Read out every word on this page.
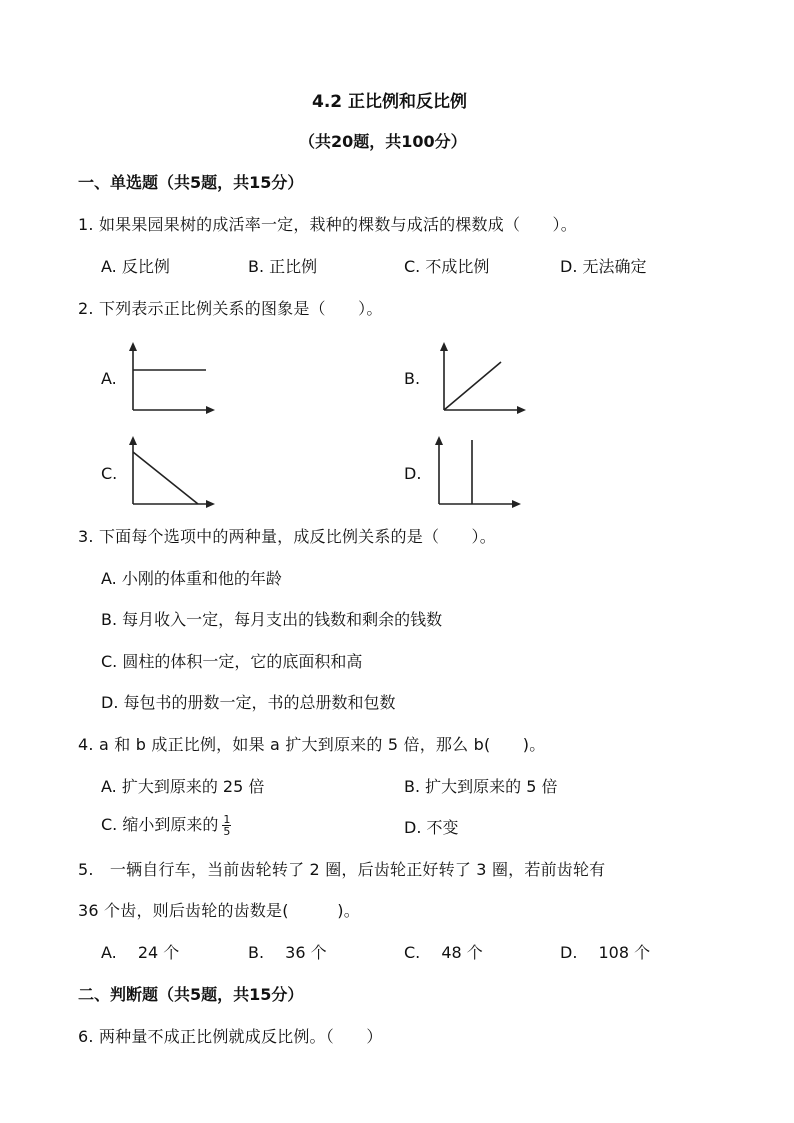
4.2 正比例和反比例
（共20题，共100分）
一、单选题（共5题，共15分）
1. 如果果园果树的成活率一定，栽种的棵数与成活的棵数成（　　）。
A. 反比例	B. 正比例	C. 不成比例	D. 无法确定
2. 下列表示正比例关系的图象是（　　）。
A.	B.
C.	D.
3. 下面每个选项中的两种量，成反比例关系的是（　　）。
A. 小刚的体重和他的年龄
B. 每月收入一定，每月支出的钱数和剩余的钱数
C. 圆柱的体积一定，它的底面积和高
D. 每包书的册数一定，书的总册数和包数
4. a 和 b 成正比例，如果 a 扩大到原来的 5 倍，那么 b(　　)。
A. 扩大到原来的 25 倍	B. 扩大到原来的 5 倍
C. 缩小到原来的 $\frac{1}{5}$	D. 不变
5.　一辆自行车，当前齿轮转了 2 圈，后齿轮正好转了 3 圈，若前齿轮有
36 个齿，则后齿轮的齿数是(　　　)。
A.　 24 个	B.　 36 个	C.　 48 个	D.　 108 个
二、判断题（共5题，共15分）
6. 两种量不成正比例就成反比例。（　　）
